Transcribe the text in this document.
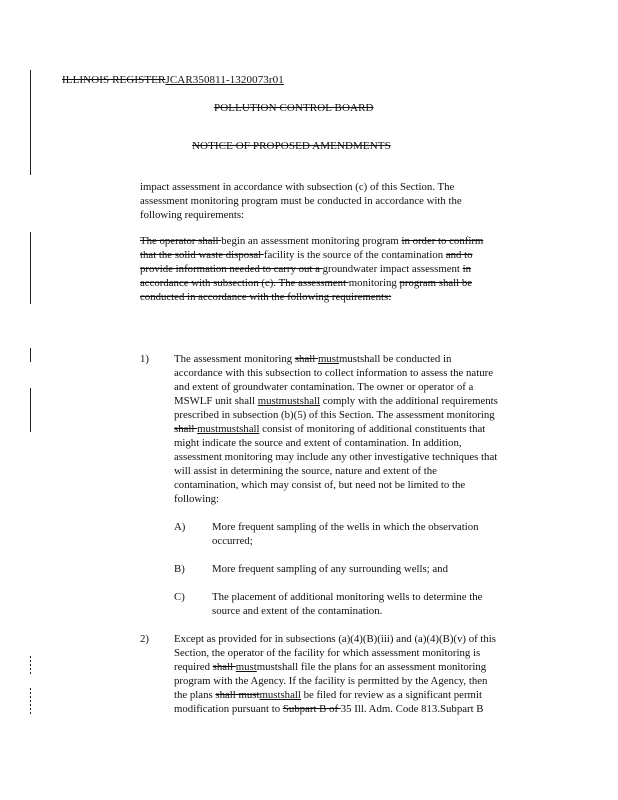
ILLINOIS REGISTERJCAR350811-1320073r01
POLLUTION CONTROL BOARD
NOTICE OF PROPOSED AMENDMENTS

impact assessment in accordance with subsection (c) of this Section. The

assessment monitoring program must be conducted in accordance with the

following requirements:

The operator shall begin an assessment monitoring program in order to confirm

that the solid waste disposal facility is the source of the contamination and to

provide information needed to carry out a groundwater impact assessment in

accordance with subsection (c). The assessment monitoring program shall be

conducted in accordance with the following requirements:

1) The assessment monitoring shall mustmustshall be conducted in

accordance with this subsection to collect information to assess the nature

and extent of groundwater contamination. The owner or operator of a

MSWLF unit shall mustmustshall comply with the additional requirements

prescribed in subsection (b)(5) of this Section. The assessment monitoring

shall mustmustshall consist of monitoring of additional constituents that

might indicate the source and extent of contamination. In addition,

assessment monitoring may include any other investigative techniques that

will assist in determining the source, nature and extent of the

contamination, which may consist of, but need not be limited to the

following:

A) More frequent sampling of the wells in which the observation

occurred;

B)	More frequent sampling of any surrounding wells; and

C)	The placement of additional monitoring wells to determine the

source and extent of the contamination.

2) Except as provided for in subsections (a)(4)(B)(iii) and (a)(4)(B)(v) of this

Section, the operator of the facility for which assessment monitoring is

required shall mustmustshall file the plans for an assessment monitoring

program with the Agency. If the facility is permitted by the Agency, then

the plans shall mustmustshall be filed for review as a significant permit

modification pursuant to Subpart B of 35 Ill. Adm. Code 813.Subpart B
